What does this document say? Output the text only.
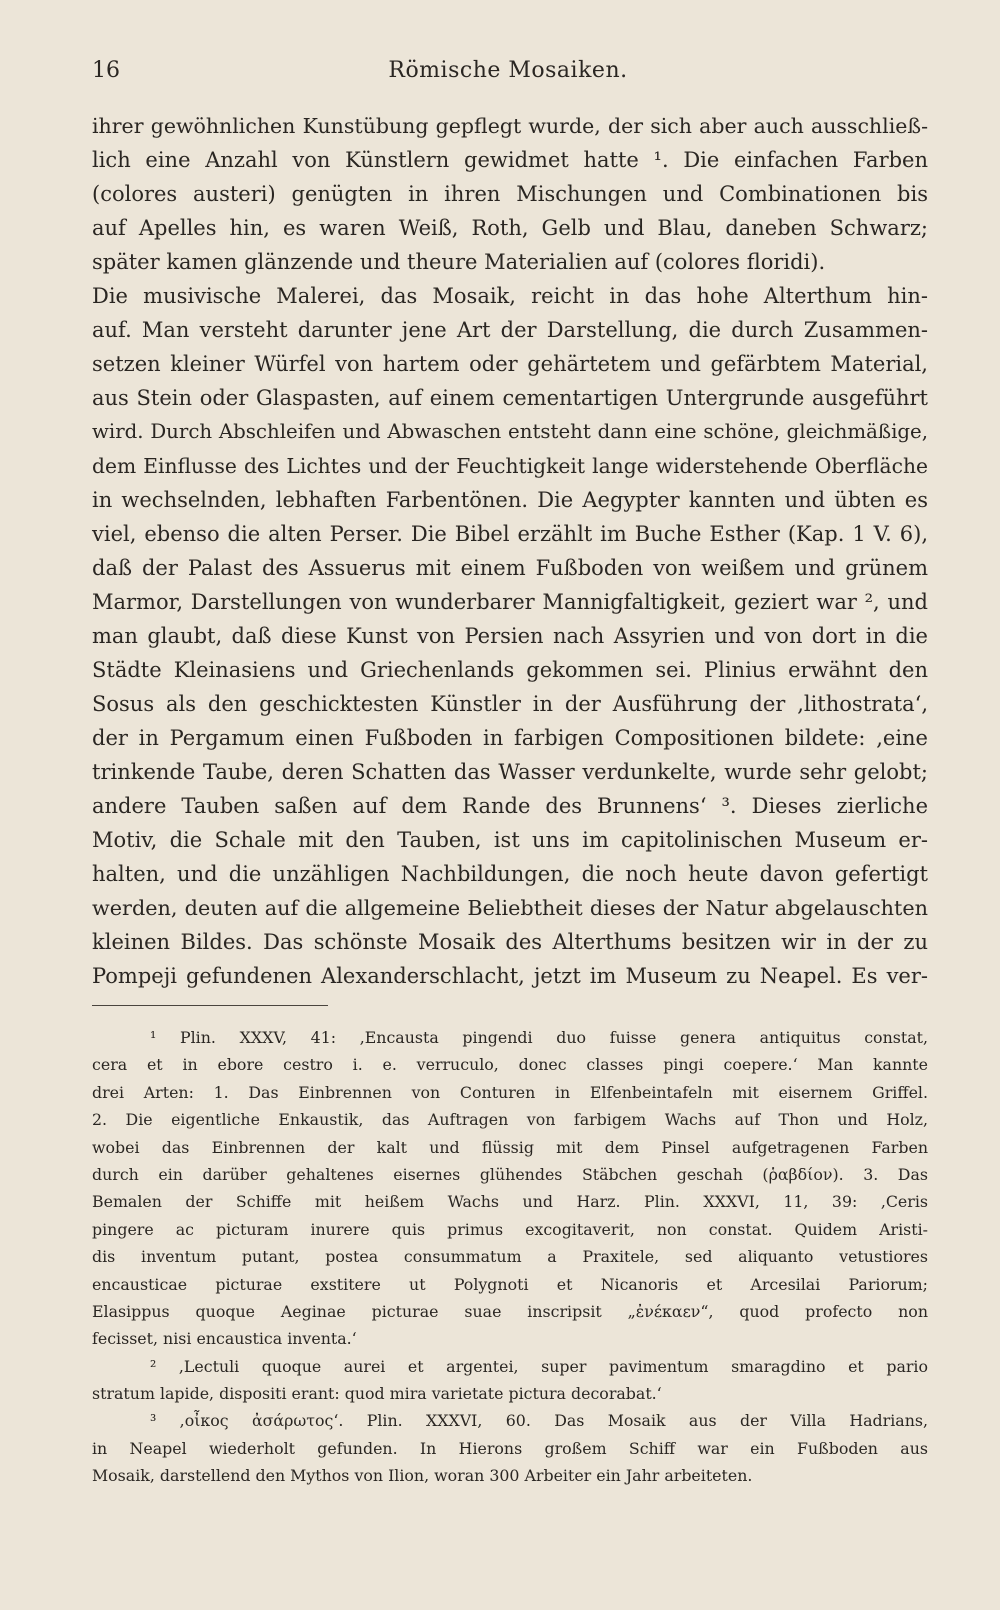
16	Römische Mosaiken.
ihrer gewöhnlichen Kunstübung gepflegt wurde, der sich aber auch ausschließ-
lich eine Anzahl von Künstlern gewidmet hatte ¹. Die einfachen Farben
(colores austeri) genügten in ihren Mischungen und Combinationen bis
auf Apelles hin, es waren Weiß, Roth, Gelb und Blau, daneben Schwarz;
später kamen glänzende und theure Materialien auf (colores floridi).
Die musivische Malerei, das Mosaik, reicht in das hohe Alterthum hin-
auf. Man versteht darunter jene Art der Darstellung, die durch Zusammen-
setzen kleiner Würfel von hartem oder gehärtetem und gefärbtem Material,
aus Stein oder Glaspasten, auf einem cementartigen Untergrunde ausgeführt
wird. Durch Abschleifen und Abwaschen entsteht dann eine schöne, gleichmäßige,
dem Einflusse des Lichtes und der Feuchtigkeit lange widerstehende Oberfläche
in wechselnden, lebhaften Farbentönen. Die Aegypter kannten und übten es
viel, ebenso die alten Perser. Die Bibel erzählt im Buche Esther (Kap. 1 V. 6),
daß der Palast des Assuerus mit einem Fußboden von weißem und grünem
Marmor, Darstellungen von wunderbarer Mannigfaltigkeit, geziert war ², und
man glaubt, daß diese Kunst von Persien nach Assyrien und von dort in die
Städte Kleinasiens und Griechenlands gekommen sei. Plinius erwähnt den
Sosus als den geschicktesten Künstler in der Ausführung der ,lithostrata‘,
der in Pergamum einen Fußboden in farbigen Compositionen bildete: ,eine
trinkende Taube, deren Schatten das Wasser verdunkelte, wurde sehr gelobt;
andere Tauben saßen auf dem Rande des Brunnens‘ ³. Dieses zierliche
Motiv, die Schale mit den Tauben, ist uns im capitolinischen Museum er-
halten, und die unzähligen Nachbildungen, die noch heute davon gefertigt
werden, deuten auf die allgemeine Beliebtheit dieses der Natur abgelauschten
kleinen Bildes. Das schönste Mosaik des Alterthums besitzen wir in der zu
Pompeji gefundenen Alexanderschlacht, jetzt im Museum zu Neapel. Es ver-
¹ Plin. XXXV, 41: ,Encausta pingendi duo fuisse genera antiquitus constat,
cera et in ebore cestro i. e. verruculo, donec classes pingi coepere.‘ Man kannte
drei Arten: 1. Das Einbrennen von Conturen in Elfenbeintafeln mit eisernem Griffel.
2. Die eigentliche Enkaustik, das Auftragen von farbigem Wachs auf Thon und Holz,
wobei das Einbrennen der kalt und flüssig mit dem Pinsel aufgetragenen Farben
durch ein darüber gehaltenes eisernes glühendes Stäbchen geschah (ῥαβδίον). 3. Das
Bemalen der Schiffe mit heißem Wachs und Harz. Plin. XXXVI, 11, 39: ,Ceris
pingere ac picturam inurere quis primus excogitaverit, non constat. Quidem Aristi-
dis inventum putant, postea consummatum a Praxitele, sed aliquanto vetustiores
encausticae picturae exstitere ut Polygnoti et Nicanoris et Arcesilai Pariorum;
Elasippus quoque Aeginae picturae suae inscripsit „ἐνέκαεν“, quod profecto non
fecisset, nisi encaustica inventa.‘
² ,Lectuli quoque aurei et argentei, super pavimentum smaragdino et pario
stratum lapide, dispositi erant: quod mira varietate pictura decorabat.‘
³ ,οἶκος ἀσάρωτος‘. Plin. XXXVI, 60. Das Mosaik aus der Villa Hadrians,
in Neapel wiederholt gefunden. In Hierons großem Schiff war ein Fußboden aus
Mosaik, darstellend den Mythos von Ilion, woran 300 Arbeiter ein Jahr arbeiteten.
